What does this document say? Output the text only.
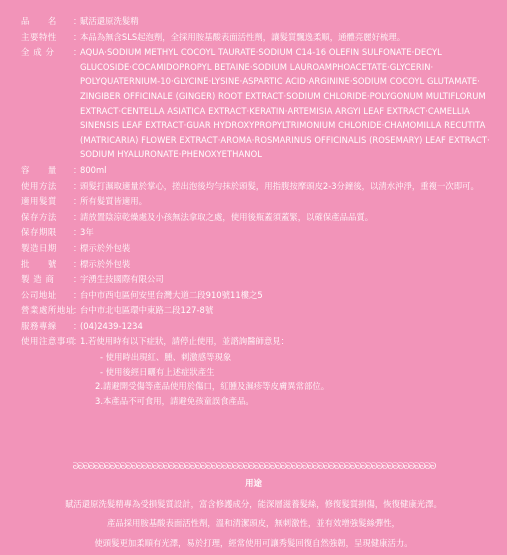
品　　名	：
賦活還原洗髮精
主要特性	：
本品為無含SLS起泡劑，全採用胺基酸表面活性劑，讓髮質飄逸柔順，通體亮麗好梳理。
全 成 分	：
AQUA‧SODIUM METHYL COCOYL TAURATE‧SODIUM C14-16 OLEFIN SULFONATE‧DECYL GLUCOSIDE‧COCAMIDOPROPYL BETAINE‧SODIUM LAUROAMPHOACETATE‧GLYCERIN‧POLYQUATERNIUM-10‧GLYCINE‧LYSINE‧ASPARTIC ACID‧ARGININE‧SODIUM COCOYL GLUTAMATE‧ZINGIBER OFFICINALE (GINGER) ROOT EXTRACT‧SODIUM CHLORIDE‧POLYGONUM MULTIFLORUM EXTRACT‧CENTELLA ASIATICA EXTRACT‧KERATIN‧ARTEMISIA ARGYI LEAF EXTRACT‧CAMELLIA SINENSIS LEAF EXTRACT‧GUAR HYDROXYPROPYLTRIMONIUM CHLORIDE‧CHAMOMILLA RECUTITA (MATRICARIA) FLOWER EXTRACT‧AROMA‧ROSMARINUS OFFICINALIS (ROSEMARY) LEAF EXTRACT‧SODIUM HYALURONATE‧PHENOXYETHANOL
容　　量	：
800ml
使用方法	：
頭髮打濕取適量於掌心，搓出泡後均勻抹於頭髮，用指腹按摩頭皮2-3分鐘後，以清水沖淨，重複一次即可。
適用髮質	：
所有髮質皆適用。
保存方法	：
請放置陰涼乾燥處及小孩無法拿取之處，使用後瓶蓋須蓋緊，以確保產品品質。
保存期限	：
3年
製造日期	：
標示於外包裝
批　　號	：
標示於外包裝
製 造 商	：
宇湧生技國際有限公司
公司地址	：
台中市西屯區何安里台灣大道二段910號11樓之5
營業處所地址
：
台中市北屯區環中東路二段127-8號
服務專線	：
(04)2439-1234
使用注意事項
：
1.若使用時有以下症狀，請停止使用，並諮詢醫師意見：
- 使用時出現紅、腫、刺激感等現象
- 使用後經日曬有上述症狀產生
2.請避開受傷等產品使用於傷口，紅腫及濕疹等皮膚異常部位。
3.本產品不可食用，請避免孩童誤食產品。
ᘐᘐᘐᘐᘐᘐᘐᘐᘐᘐᘐᘐᘐᘐᘐᘐᘐᘐᘐᘐᘐᘐᘐᘐᘐᘐᘐᘐᘐᘐᘐᘐᘐᘐᘐᘐᘐᘐᘐᘐᘐᘐᘐᘐᘐᘐᘐᘐᘐᘐᘐᘐᘐᘐᘐᘐᘐᘐᘐᘐᘐᘐᘐᘐᘐᘐᘐᘐ
用途

賦活還原洗髮精專為受損髮質設計，富含修護成分，能深層滋養髮絲，修復髮質損傷，恢復健康光澤。

產品採用胺基酸表面活性劑，溫和清潔頭皮，無刺激性，並有效增強髮絲彈性，

使頭髮更加柔順有光澤，易於打理，經常使用可讓秀髮回復自然強韌，呈現健康活力。
